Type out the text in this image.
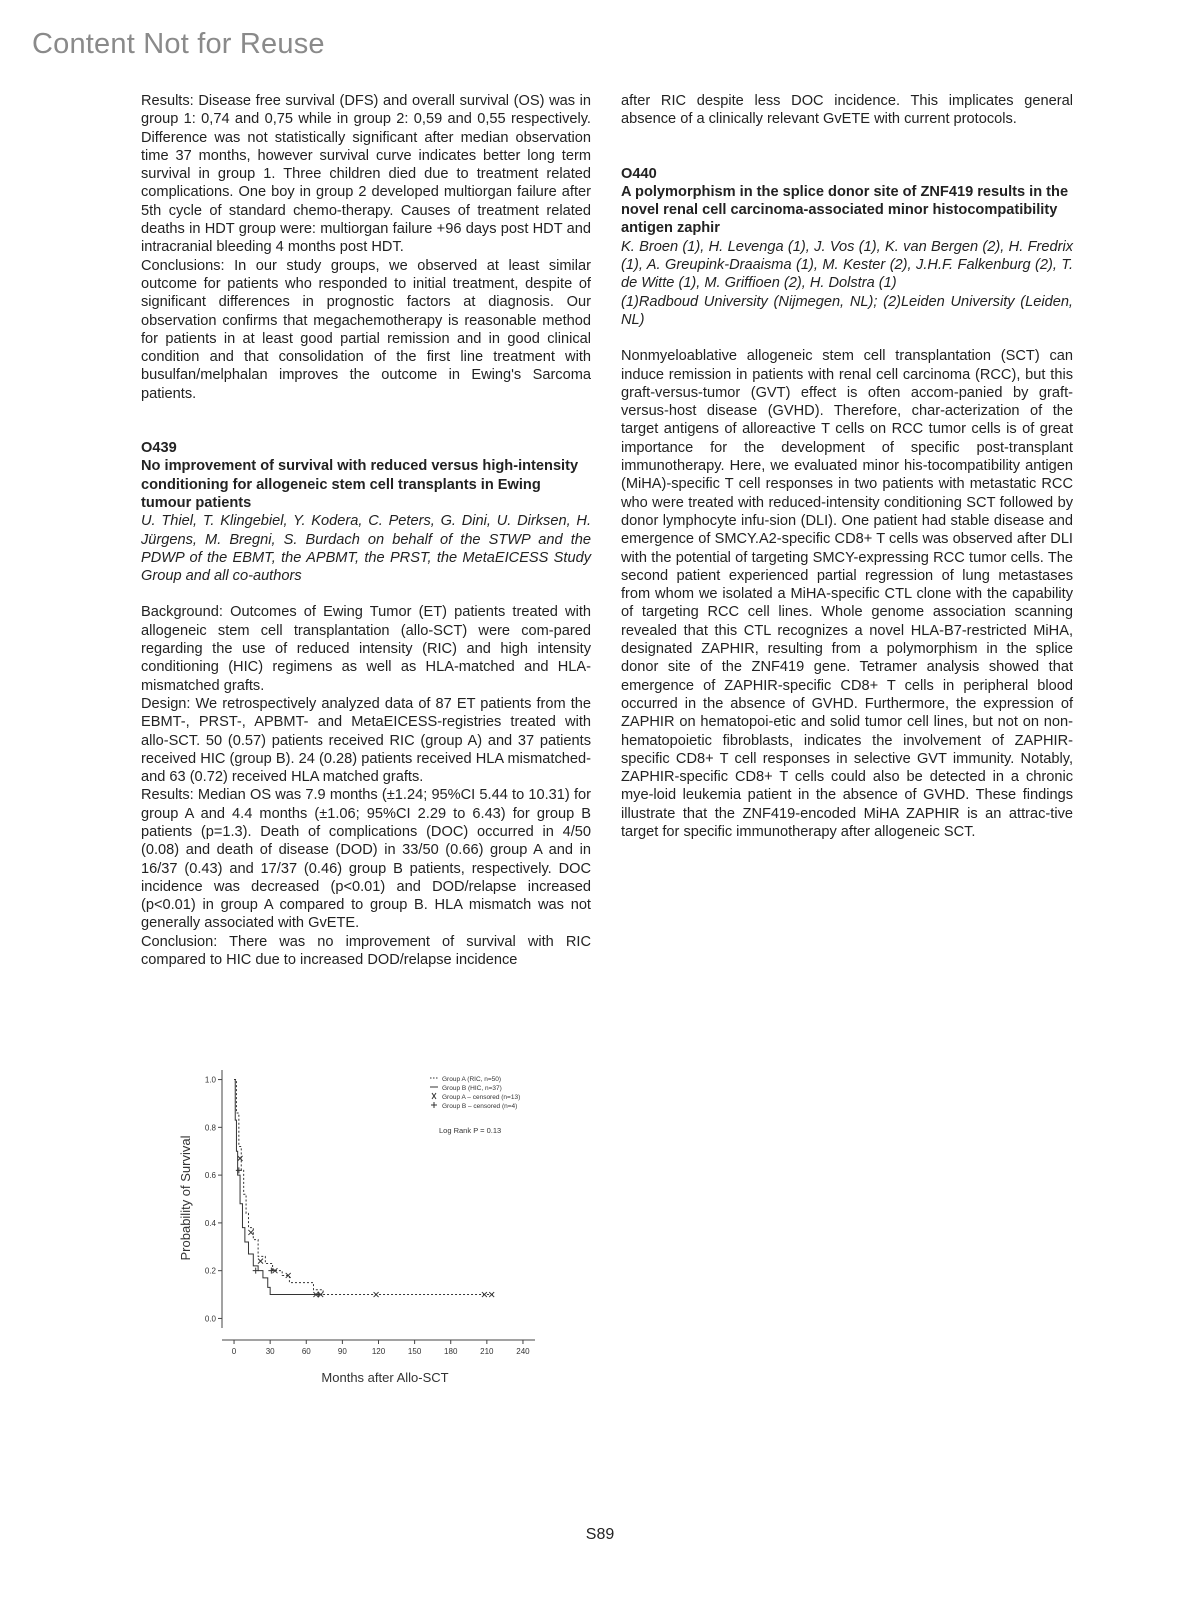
Content Not for Reuse

Results: Disease free survival (DFS) and overall survival (OS) was in group 1: 0,74 and 0,75 while in group 2: 0,59 and 0,55 respectively. Difference was not statistically significant after median observation time 37 months, however survival curve indicates better long term survival in group 1. Three children died due to treatment related complications. One boy in group 2 developed multiorgan failure after 5th cycle of standard chemo-therapy. Causes of treatment related deaths in HDT group were: multiorgan failure +96 days post HDT and intracranial bleeding 4 months post HDT.

Conclusions: In our study groups, we observed at least similar outcome for patients who responded to initial treatment, despite of significant differences in prognostic factors at diagnosis. Our observation confirms that megachemotherapy is reasonable method for patients in at least good partial remission and in good clinical condition and that consolidation of the first line treatment with busulfan/melphalan improves the outcome in Ewing's Sarcoma patients.

O439

No improvement of survival with reduced versus high-intensity conditioning for allogeneic stem cell transplants in Ewing tumour patients

U. Thiel, T. Klingebiel, Y. Kodera, C. Peters, G. Dini, U. Dirksen, H. Jürgens, M. Bregni, S. Burdach on behalf of the STWP and the PDWP of the EBMT, the APBMT, the PRST, the MetaEICESS Study Group and all co-authors

Background: Outcomes of Ewing Tumor (ET) patients treated with allogeneic stem cell transplantation (allo-SCT) were com-pared regarding the use of reduced intensity (RIC) and high intensity conditioning (HIC) regimens as well as HLA-matched and HLA-mismatched grafts.

Design: We retrospectively analyzed data of 87 ET patients from the EBMT-, PRST-, APBMT- and MetaEICESS-registries treated with allo-SCT. 50 (0.57) patients received RIC (group A) and 37 patients received HIC (group B). 24 (0.28) patients received HLA mismatched- and 63 (0.72) received HLA matched grafts.

Results: Median OS was 7.9 months (±1.24; 95%CI 5.44 to 10.31) for group A and 4.4 months (±1.06; 95%CI 2.29 to 6.43) for group B patients (p=1.3). Death of complications (DOC) occurred in 4/50 (0.08) and death of disease (DOD) in 33/50 (0.66) group A and in 16/37 (0.43) and 17/37 (0.46) group B patients, respectively. DOC incidence was decreased (p<0.01) and DOD/relapse increased (p<0.01) in group A compared to group B. HLA mismatch was not generally associated with GvETE.

Conclusion: There was no improvement of survival with RIC compared to HIC due to increased DOD/relapse incidence

after RIC despite less DOC incidence. This implicates general absence of a clinically relevant GvETE with current protocols.

O440

A polymorphism in the splice donor site of ZNF419 results in the novel renal cell carcinoma-associated minor histocompatibility antigen zaphir

K. Broen (1), H. Levenga (1), J. Vos (1), K. van Bergen (2), H. Fredrix (1), A. Greupink-Draaisma (1), M. Kester (2), J.H.F. Falkenburg (2), T. de Witte (1), M. Griffioen (2), H. Dolstra (1)

(1)Radboud University (Nijmegen, NL); (2)Leiden University (Leiden, NL)

Nonmyeloablative allogeneic stem cell transplantation (SCT) can induce remission in patients with renal cell carcinoma (RCC), but this graft-versus-tumor (GVT) effect is often accom-panied by graft-versus-host disease (GVHD). Therefore, char-acterization of the target antigens of alloreactive T cells on RCC tumor cells is of great importance for the development of specific post-transplant immunotherapy. Here, we evaluated minor his-tocompatibility antigen (MiHA)-specific T cell responses in two patients with metastatic RCC who were treated with reduced-intensity conditioning SCT followed by donor lymphocyte infu-sion (DLI). One patient had stable disease and emergence of SMCY.A2-specific CD8+ T cells was observed after DLI with the potential of targeting SMCY-expressing RCC tumor cells. The second patient experienced partial regression of lung metastases from whom we isolated a MiHA-specific CTL clone with the capability of targeting RCC cell lines. Whole genome association scanning revealed that this CTL recognizes a novel HLA-B7-restricted MiHA, designated ZAPHIR, resulting from a polymorphism in the splice donor site of the ZNF419 gene. Tetramer analysis showed that emergence of ZAPHIR-specific CD8+ T cells in peripheral blood occurred in the absence of GVHD. Furthermore, the expression of ZAPHIR on hematopoi-etic and solid tumor cell lines, but not on non-hematopoietic fibroblasts, indicates the involvement of ZAPHIR-specific CD8+ T cell responses in selective GVT immunity. Notably, ZAPHIR-specific CD8+ T cells could also be detected in a chronic mye-loid leukemia patient in the absence of GVHD. These findings illustrate that the ZNF419-encoded MiHA ZAPHIR is an attrac-tive target for specific immunotherapy after allogeneic SCT.

0.0
0.2
0.4
0.6
0.8
1.0
0	30	60	90	120	150	180	210	240
Group A (RIC, n=50)
Group B (HIC, n=37)
Group A – censored (n=13)
Group B – censored (n=4)
Log Rank P = 0.13
Months after Allo-SCT
Probability of Survival
S89
